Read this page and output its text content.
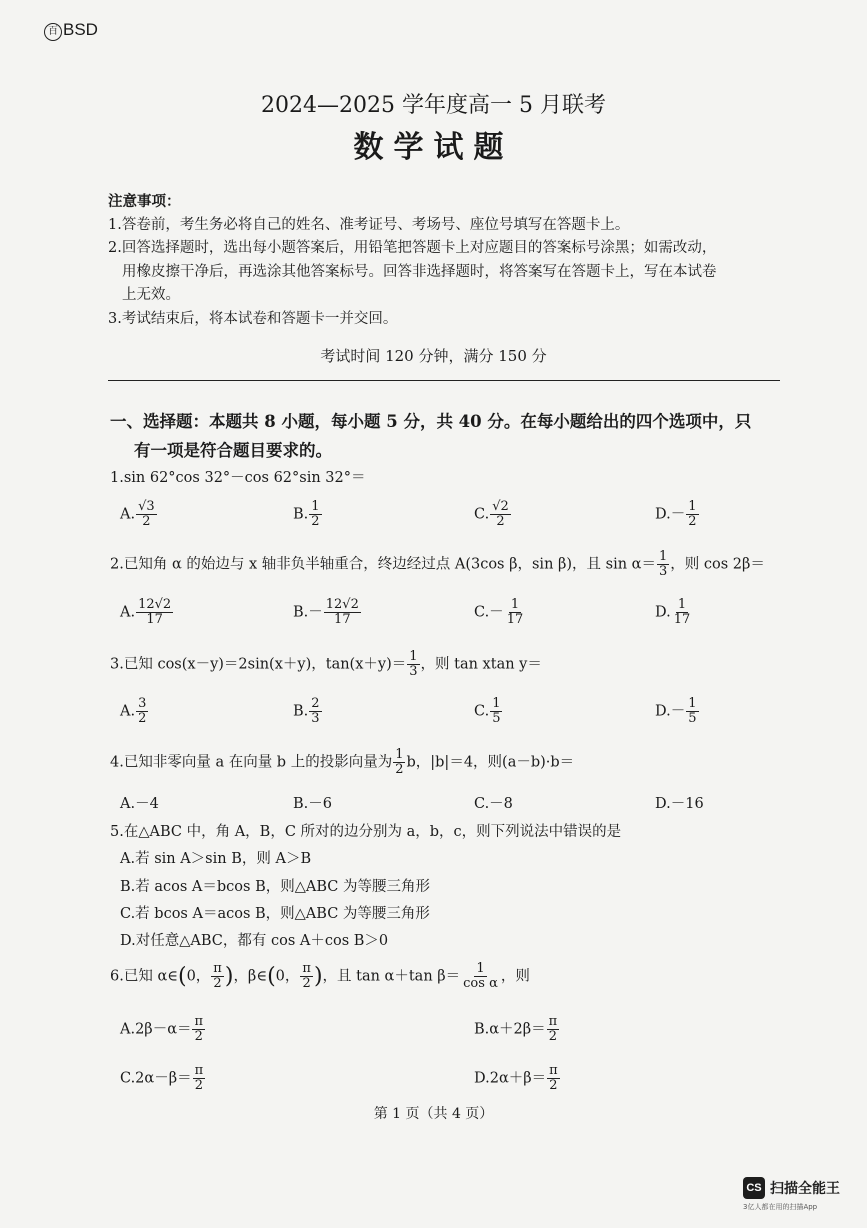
百 BSD
2024—2025 学年度高一 5 月联考
数学试题
注意事项：
1.答卷前，考生务必将自己的姓名、准考证号、考场号、座位号填写在答题卡上。
2.回答选择题时，选出每小题答案后，用铅笔把答题卡上对应题目的答案标号涂黑；如需改动，
用橡皮擦干净后，再选涂其他答案标号。回答非选择题时，将答案写在答题卡上，写在本试卷
上无效。
3.考试结束后，将本试卷和答题卡一并交回。
考试时间 120 分钟，满分 150 分
一、选择题：本题共 8 小题，每小题 5 分，共 40 分。在每小题给出的四个选项中，只
有一项是符合题目要求的。
1.sin 62°cos 32°－cos 62°sin 32°＝
A. $\frac{√3}{2}$	B. $\frac{1}{2}$	C. $\frac{√2}{2}$	$D.- \frac{1}{2}$
2.已知角 α 的始边与 x 轴非负半轴重合，终边经过点 A(3cos β，sin β)，且 $\sin \alpha= \frac{1}{3}$ ，则 cos 2β＝
A. $\frac{12√2}{17}$	$B.- \frac{12√2}{17}$	$C.- \frac{1}{17}$	D. $\frac{1}{17}$
3.已知 cos(x－y)＝2sin(x＋y)，$\tan(x+y)= \frac{1}{3}$ ，则 tan xtan y＝
A. $\frac{3}{2}$	B. $\frac{2}{3}$	C. $\frac{1}{5}$	$D.- \frac{1}{5}$
4.已知非零向量 a 在向量 b 上的投影向量为 $\frac{1}{2}$ b，|b|＝4，则(a－b)·b＝
A.－4	B.－6	C.－8	D.－16
5.在△ABC 中，角 A，B，C 所对的边分别为 a，b，c，则下列说法中错误的是
A.若 sin A＞sin B，则 A＞B
B.若 acos A＝bcos B，则△ABC 为等腰三角形
C.若 bcos A＝acos B，则△ABC 为等腰三角形
D.对任意△ABC，都有 cos A＋cos B＞0
6.已知 α∈(0， $\frac{\pi}{2}$ )，β∈(0， $\frac{\pi}{2}$ )，且 tan α＋tan $\beta= \frac{1}{\text{cos α}}$ ，则
$A.2\beta-\alpha= \frac{\pi}{2}$	$B.\alpha+2\beta= \frac{\pi}{2}$
$C.2\alpha-\beta= \frac{\pi}{2}$	$D.2\alpha+\beta= \frac{\pi}{2}$
第 1 页（共 4 页）
CS 扫描全能王
3亿人都在用的扫描App
